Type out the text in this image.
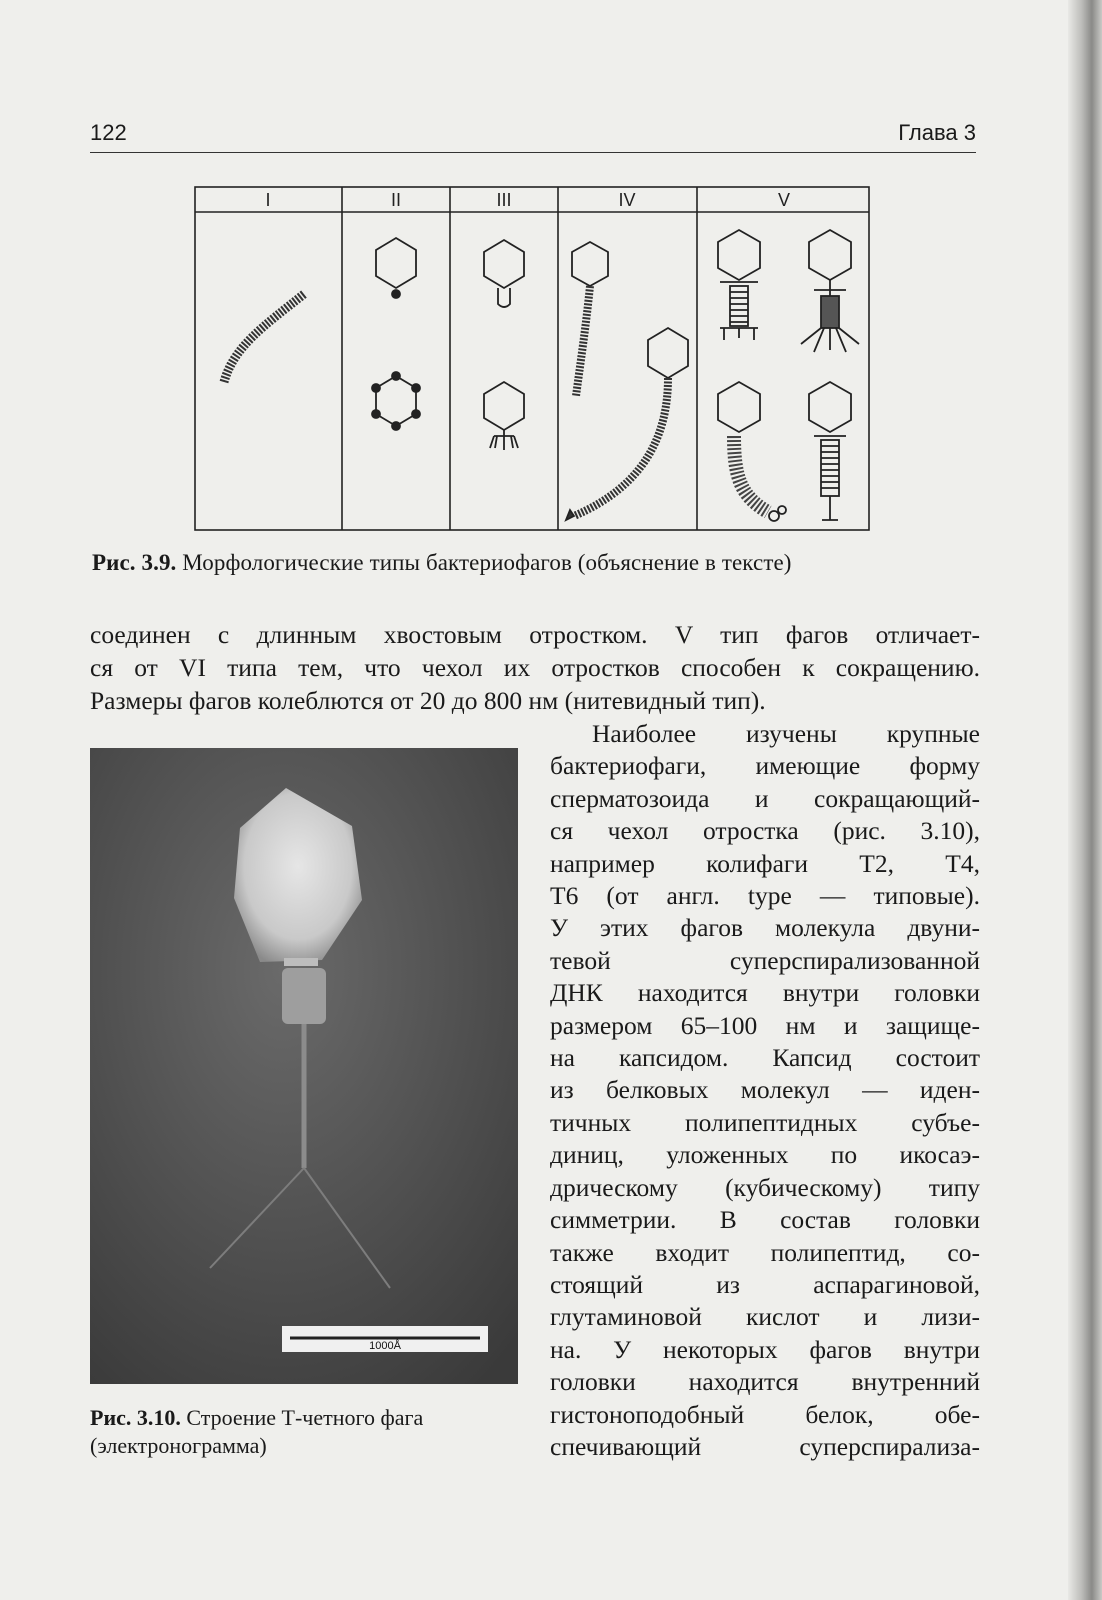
122	Глава 3
I	II	III	IV	V
Рис. 3.9. Морфологические типы бактериофагов (объяснение в тексте)
соединен с длинным хвостовым отростком. V тип фагов отличает-
ся от VI типа тем, что чехол их отростков способен к сокращению.
Размеры фагов колеблются от 20 до 800 нм (нитевидный тип).
1000Å
Рис. 3.10. Строение Т-четного фага (электронограмма)
Наиболее изучены крупные
бактериофаги, имеющие форму
сперматозоида и сокращающий-
ся чехол отростка (рис. 3.10),
например колифаги Т2, Т4,
Т6 (от англ. type — типовые).
У этих фагов молекула двуни-
тевой суперспирализованной
ДНК находится внутри головки
размером 65–100 нм и защище-
на капсидом. Капсид состоит
из белковых молекул — иден-
тичных полипептидных субъе-
диниц, уложенных по икосаэ-
дрическому (кубическому) типу
симметрии. В состав головки
также входит полипептид, со-
стоящий из аспарагиновой,
глутаминовой кислот и лизи-
на. У некоторых фагов внутри
головки находится внутренний
гистоноподобный белок, обе-
спечивающий суперспирализа-
